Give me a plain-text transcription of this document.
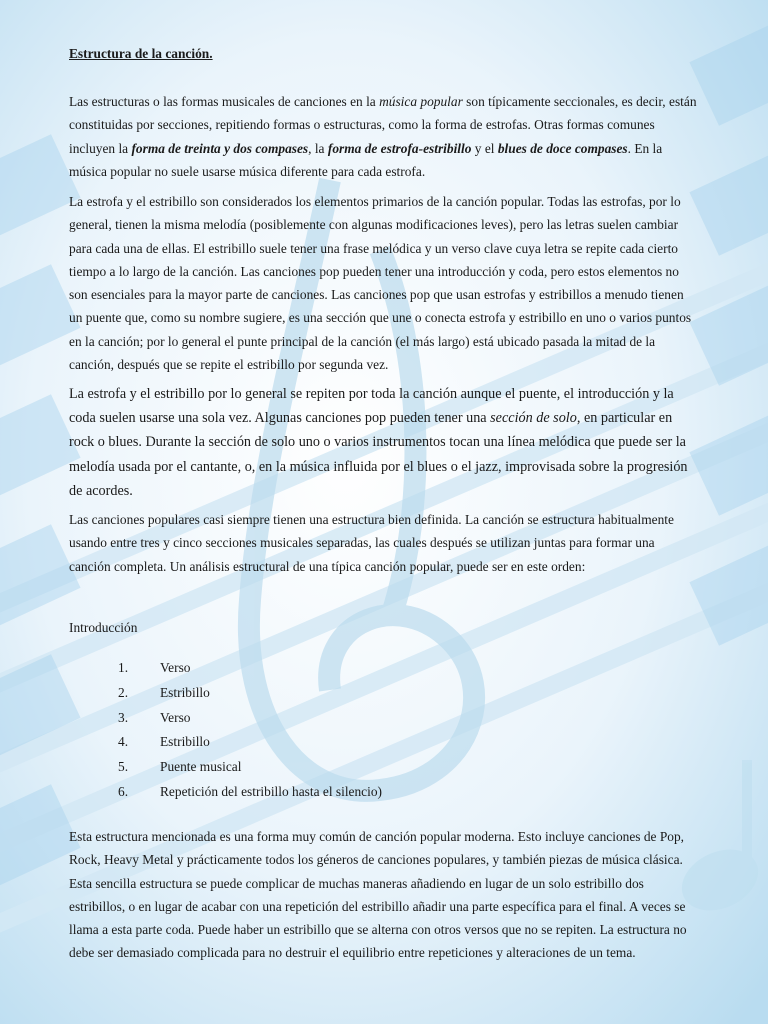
Estructura de la canción.
Las estructuras o las formas musicales de canciones en la música popular son típicamente seccionales, es decir, están constituidas por secciones, repitiendo formas o estructuras, como la forma de estrofas. Otras formas comunes incluyen la forma de treinta y dos compases, la forma de estrofa-estribillo y el blues de doce compases. En la música popular no suele usarse música diferente para cada estrofa.
La estrofa y el estribillo son considerados los elementos primarios de la canción popular. Todas las estrofas, por lo general, tienen la misma melodía (posiblemente con algunas modificaciones leves), pero las letras suelen cambiar para cada una de ellas. El estribillo suele tener una frase melódica y un verso clave cuya letra se repite cada cierto tiempo a lo largo de la canción. Las canciones pop pueden tener una introducción y coda, pero estos elementos no son esenciales para la mayor parte de canciones. Las canciones pop que usan estrofas y estribillos a menudo tienen un puente que, como su nombre sugiere, es una sección que une o conecta estrofa y estribillo en uno o varios puntos en la canción; por lo general el punte principal de la canción (el más largo) está ubicado pasada la mitad de la canción, después que se repite el estribillo por segunda vez.
La estrofa y el estribillo por lo general se repiten por toda la canción aunque el puente, el introducción y la coda suelen usarse una sola vez. Algunas canciones pop pueden tener una sección de solo, en particular en rock o blues. Durante la sección de solo uno o varios instrumentos tocan una línea melódica que puede ser la melodía usada por el cantante, o, en la música influida por el blues o el jazz, improvisada sobre la progresión de acordes.
Las canciones populares casi siempre tienen una estructura bien definida. La canción se estructura habitualmente usando entre tres y cinco secciones musicales separadas, las cuales después se utilizan juntas para formar una canción completa. Un análisis estructural de una típica canción popular, puede ser en este orden:
Introducción
1.	Verso
2.	Estribillo
3.	Verso
4.	Estribillo
5.	Puente musical
6.	Repetición del estribillo hasta el silencio)
Esta estructura mencionada es una forma muy común de canción popular moderna. Esto incluye canciones de Pop, Rock, Heavy Metal y prácticamente todos los géneros de canciones populares, y también piezas de música clásica. Esta sencilla estructura se puede complicar de muchas maneras añadiendo en lugar de un solo estribillo dos estribillos, o en lugar de acabar con una repetición del estribillo añadir una parte específica para el final. A veces se llama a esta parte coda. Puede haber un estribillo que se alterna con otros versos que no se repiten. La estructura no debe ser demasiado complicada para no destruir el equilibrio entre repeticiones y alteraciones de un tema.
